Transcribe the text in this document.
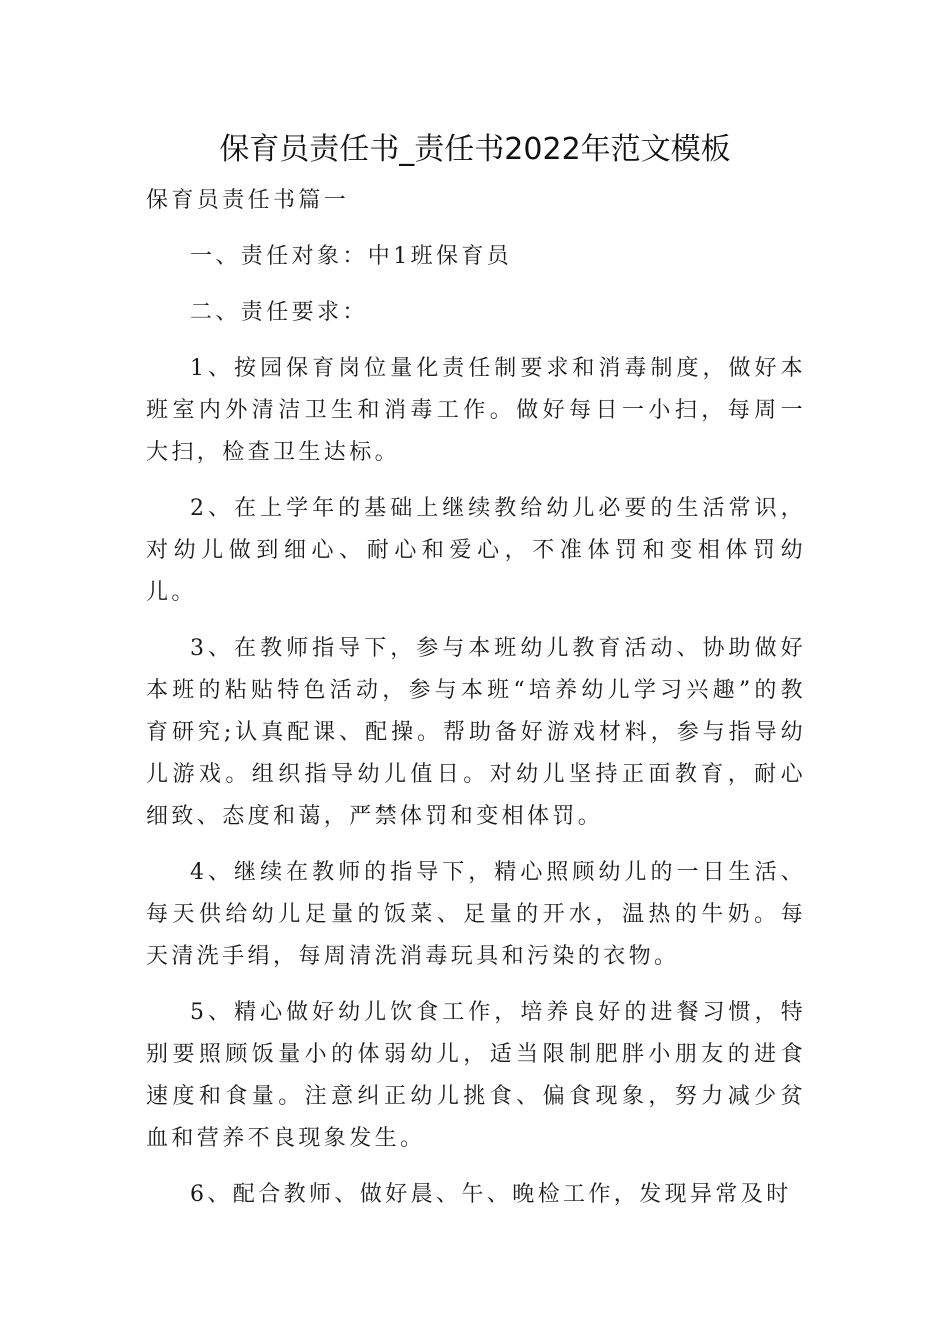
保育员责任书_责任书2022年范文模板

保育员责任书篇一

一、责任对象：中1班保育员

二、责任要求：

1、按园保育岗位量化责任制要求和消毒制度，做好本班室内外清洁卫生和消毒工作。做好每日一小扫，每周一大扫，检查卫生达标。

2、在上学年的基础上继续教给幼儿必要的生活常识，对幼儿做到细心、耐心和爱心，不准体罚和变相体罚幼儿。

3、在教师指导下，参与本班幼儿教育活动、协助做好本班的粘贴特色活动，参与本班“培养幼儿学习兴趣”的教育研究;认真配课、配操。帮助备好游戏材料，参与指导幼儿游戏。组织指导幼儿值日。对幼儿坚持正面教育，耐心细致、态度和蔼，严禁体罚和变相体罚。

4、继续在教师的指导下，精心照顾幼儿的一日生活、每天供给幼儿足量的饭菜、足量的开水，温热的牛奶。每天清洗手绢，每周清洗消毒玩具和污染的衣物。

5、精心做好幼儿饮食工作，培养良好的进餐习惯，特别要照顾饭量小的体弱幼儿，适当限制肥胖小朋友的进食速度和食量。注意纠正幼儿挑食、偏食现象，努力减少贫血和营养不良现象发生。

6、配合教师、做好晨、午、晚检工作，发现异常及时
